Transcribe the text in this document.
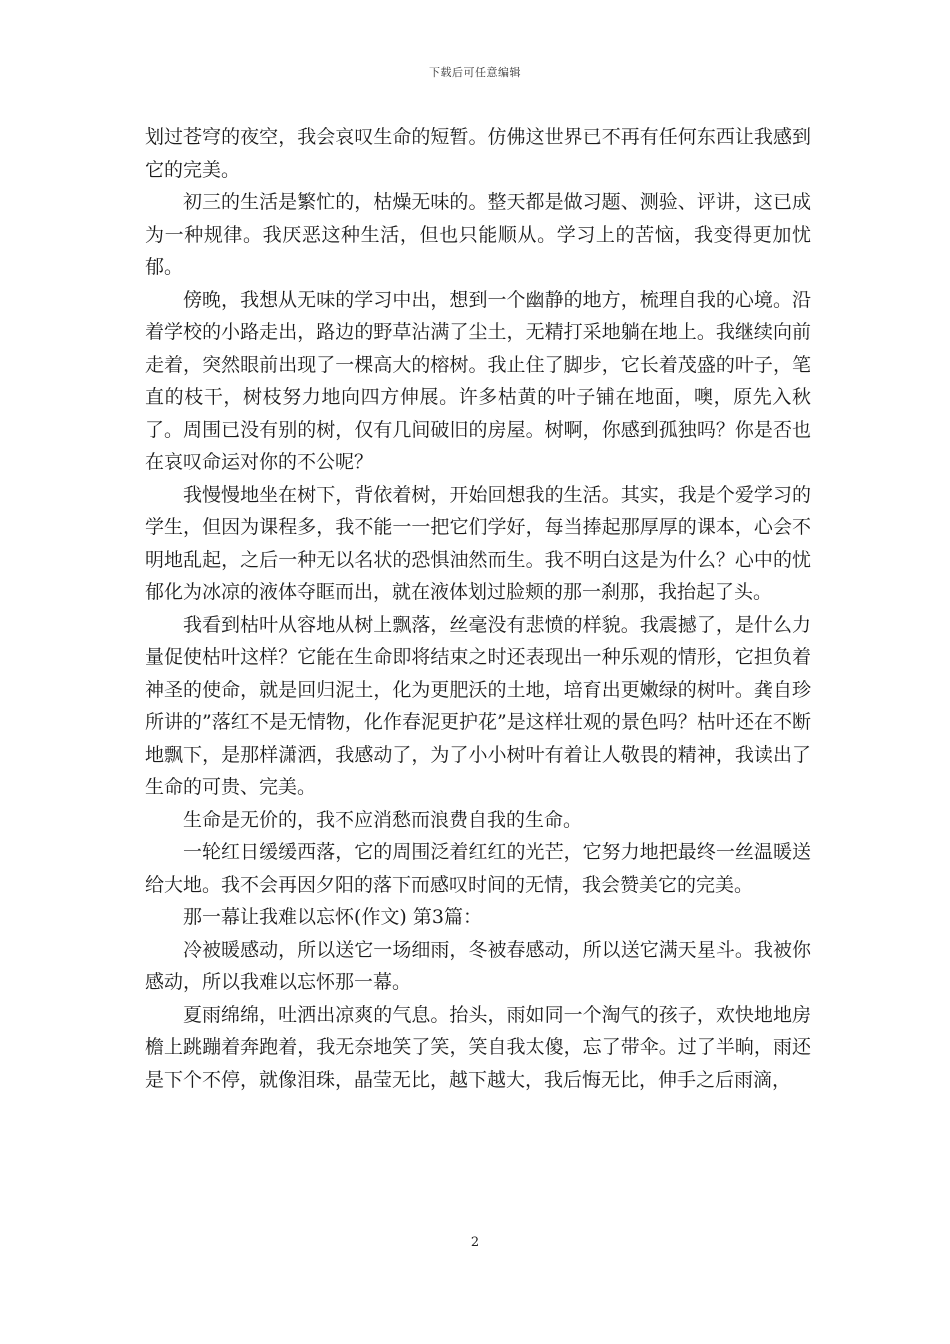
下载后可任意编辑

划过苍穹的夜空，我会哀叹生命的短暂。仿佛这世界已不再有任何东西让我感到它的完美。

初三的生活是繁忙的，枯燥无味的。整天都是做习题、测验、评讲，这已成为一种规律。我厌恶这种生活，但也只能顺从。学习上的苦恼，我变得更加忧郁。

傍晚，我想从无味的学习中出，想到一个幽静的地方，梳理自我的心境。沿着学校的小路走出，路边的野草沾满了尘土，无精打采地躺在地上。我继续向前走着，突然眼前出现了一棵高大的榕树。我止住了脚步，它长着茂盛的叶子，笔直的枝干，树枝努力地向四方伸展。许多枯黄的叶子铺在地面，噢，原先入秋了。周围已没有别的树，仅有几间破旧的房屋。树啊，你感到孤独吗？你是否也在哀叹命运对你的不公呢？

我慢慢地坐在树下，背依着树，开始回想我的生活。其实，我是个爱学习的学生，但因为课程多，我不能一一把它们学好，每当捧起那厚厚的课本，心会不明地乱起，之后一种无以名状的恐惧油然而生。我不明白这是为什么？心中的忧郁化为冰凉的液体夺眶而出，就在液体划过脸颊的那一刹那，我抬起了头。

我看到枯叶从容地从树上飘落，丝毫没有悲愤的样貌。我震撼了，是什么力量促使枯叶这样？它能在生命即将结束之时还表现出一种乐观的情形，它担负着神圣的使命，就是回归泥土，化为更肥沃的土地，培育出更嫩绿的树叶。龚自珍所讲的”落红不是无情物，化作春泥更护花”是这样壮观的景色吗？枯叶还在不断地飘下，是那样潇洒，我感动了，为了小小树叶有着让人敬畏的精神，我读出了生命的可贵、完美。

生命是无价的，我不应消愁而浪费自我的生命。

一轮红日缓缓西落，它的周围泛着红红的光芒，它努力地把最终一丝温暖送给大地。我不会再因夕阳的落下而感叹时间的无情，我会赞美它的完美。

那一幕让我难以忘怀(作文) 第3篇：

冷被暖感动，所以送它一场细雨，冬被春感动，所以送它满天星斗。我被你感动，所以我难以忘怀那一幕。

夏雨绵绵，吐洒出凉爽的气息。抬头，雨如同一个淘气的孩子，欢快地地房檐上跳蹦着奔跑着，我无奈地笑了笑，笑自我太傻，忘了带伞。过了半晌，雨还是下个不停，就像泪珠，晶莹无比，越下越大，我后悔无比，伸手之后雨滴，

2
